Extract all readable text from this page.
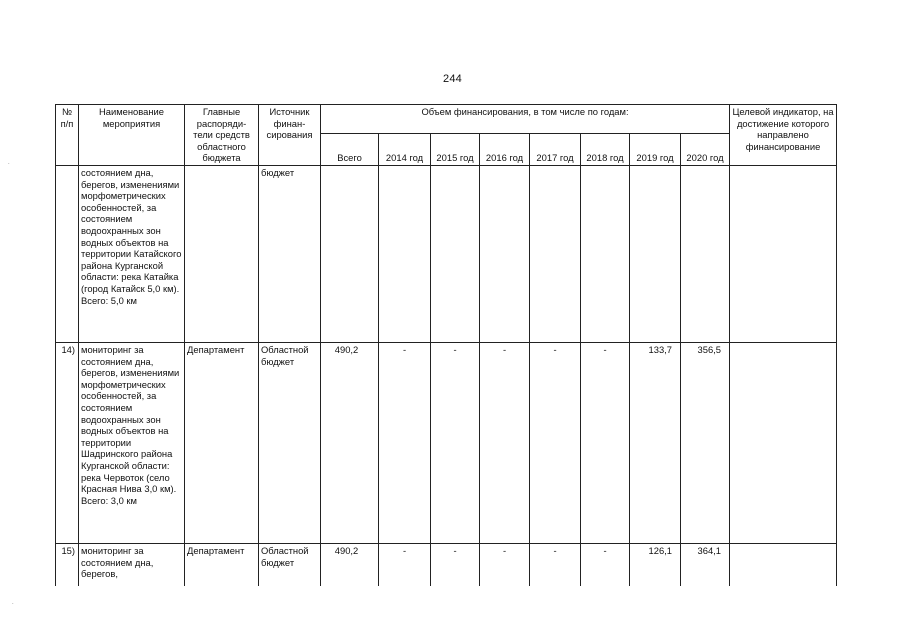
244
.
.
№ п/п	Наименование мероприятия	Главные распоряди-тели средств областного бюджета	Источник финан-сирования	Объем финансирования, в том числе по годам:								Целевой индикатор, на достижение которого направлено финансирование
				Всего	2014 год	2015 год	2016 год	2017 год	2018 год	2019 год	2020 год	
	состоянием дна, берегов, изменениями морфометрических особенностей, за состоянием водоохранных зон водных объектов на территории Катайского района Курганской области: река Катайка (город Катайск 5,0 км). Всего: 5,0 км		бюджет									
14)	мониторинг за состоянием дна, берегов, изменениями морфометрических особенностей, за состоянием водоохранных зон водных объектов на территории Шадринского района Курганской области: река Червоток (село Красная Нива 3,0 км). Всего: 3,0 км	Департамент	Областной бюджет	490,2	-	-	-	-	-	133,7	356,5	
15)	мониторинг за состоянием дна, берегов,	Департамент	Областной бюджет	490,2	-	-	-	-	-	126,1	364,1	
